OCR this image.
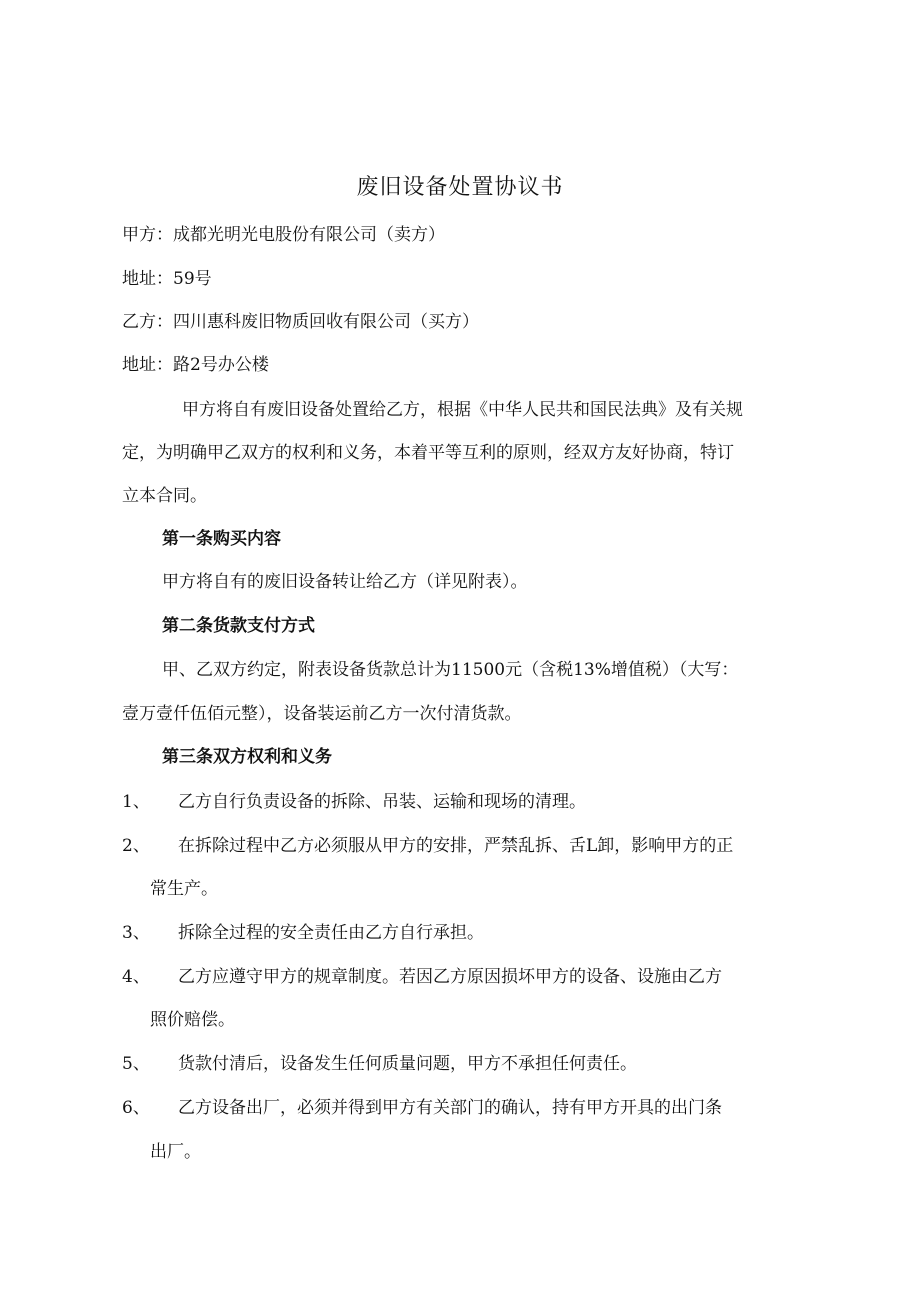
废旧设备处置协议书
甲方：成都光明光电股份有限公司（卖方）
地址：59号
乙方：四川惠科废旧物质回收有限公司（买方）
地址：路2号办公楼
甲方将自有废旧设备处置给乙方，根据《中华人民共和国民法典》及有关规
定，为明确甲乙双方的权利和义务，本着平等互利的原则，经双方友好协商，特订
立本合同。
第一条购买内容
甲方将自有的废旧设备转让给乙方（详见附表）。
第二条货款支付方式
甲、乙双方约定，附表设备货款总计为11500元（含税13%增值税）（大写：
壹万壹仟伍佰元整），设备装运前乙方一次付清货款。
第三条双方权利和义务
1、 乙方自行负责设备的拆除、吊装、运输和现场的清理。
2、 在拆除过程中乙方必须服从甲方的安排，严禁乱拆、舌L卸，影响甲方的正
常生产。
3、 拆除全过程的安全责任由乙方自行承担。
4、 乙方应遵守甲方的规章制度。若因乙方原因损坏甲方的设备、设施由乙方
照价赔偿。
5、 货款付清后，设备发生任何质量问题，甲方不承担任何责任。
6、 乙方设备出厂，必须并得到甲方有关部门的确认，持有甲方开具的出门条
出厂。
